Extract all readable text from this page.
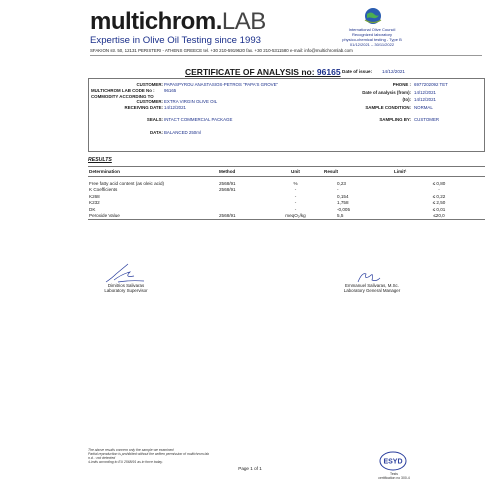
multichrom.LAB
Expertise in Olive Oil Testing since 1993
International Olive Council
Recognized laboratory
physico-chemical testing - Type B
01/12/2021 – 30/11/2022
SFAKION str. 50, 12131 PERISTERI - ATHENS GREECE tel. +30 210-5919620 fax. +30 210-5311580 e-mail: info@multichromlab.com
CERTIFICATE OF ANALYSIS no: 96165 Date of issue: 14/12/2021
CUSTOMER: PAPASPYROU ANASTASIOS-PETROS "PAPA'S GROVE"	PHONE : 6977202092 TET
MULTICHROM LAB CODE No : 96165	Date of analysis (from): 14/12/2021
COMMODITY ACCORDING TO
CUSTOMER: EXTRA VIRGIN OLIVE OIL	(to): 14/12/2021
RECEIVING DATE: 14/12/2021	SAMPLE CONDITION: NORMAL
SEALS: INTACT COMMERCIAL PACKAGE	SAMPLING BY: CUSTOMER
DATA: BALANCED 250ml
RESULTS
Determination	Method	Unit	Result	Limit¹
Free fatty acid content (as oleic acid)	2568/91	%	0,23	≤ 0,80
K Coefficients	2568/91	-	-	-
K268		-	0,154	≤ 0,22
K232		-	1,758	≤ 2,50
DK		-	-0,005	≤ 0,01
Peroxide Value	2568/91	meqO₂/kg	5,5	≤20,0
Dimitrios Salivaras
Laboratory Supervisor
Emmanuel Salivaras, M.Sc.
Laboratory General Manager
The above results concern only the sample we examined
Partial reproduction is prohibited without the written permission of multichrom.lab
n.d. : not detected
¹Limits according to EU 2568/91 as in force today.	ESYD
Tests
certification no 300-4
Page 1 of 1
